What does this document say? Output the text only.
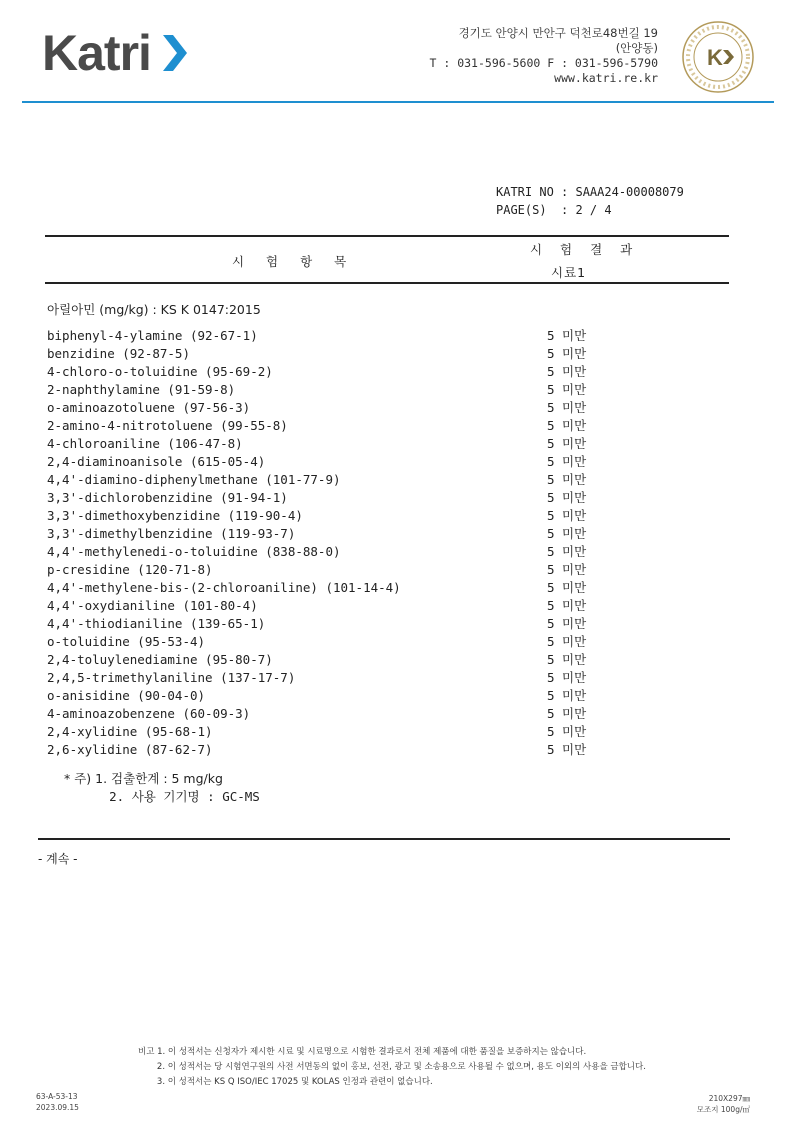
Katri	경기도 안양시 만안구 덕천로48번길 19
(안양동)
T : 031-596-5600 F : 031-596-5790
www.katri.re.kr
K
KATRI NO : SAAA24-00008079
PAGE(S) : 2 / 4
시 험 항 목
시 험 결 과
시료1
아릴아민 (mg/kg) : KS K 0147:2015
biphenyl-4-ylamine (92-67-1)	5 미만
benzidine (92-87-5)	5 미만
4-chloro-o-toluidine (95-69-2)	5 미만
2-naphthylamine (91-59-8)	5 미만
o-aminoazotoluene (97-56-3)	5 미만
2-amino-4-nitrotoluene (99-55-8)	5 미만
4-chloroaniline (106-47-8)	5 미만
2,4-diaminoanisole (615-05-4)	5 미만
4,4'-diamino-diphenylmethane (101-77-9)	5 미만
3,3'-dichlorobenzidine (91-94-1)	5 미만
3,3'-dimethoxybenzidine (119-90-4)	5 미만
3,3'-dimethylbenzidine (119-93-7)	5 미만
4,4'-methylenedi-o-toluidine (838-88-0)	5 미만
p-cresidine (120-71-8)	5 미만
4,4'-methylene-bis-(2-chloroaniline) (101-14-4)	5 미만
4,4'-oxydianiline (101-80-4)	5 미만
4,4'-thiodianiline (139-65-1)	5 미만
o-toluidine (95-53-4)	5 미만
2,4-toluylenediamine (95-80-7)	5 미만
2,4,5-trimethylaniline (137-17-7)	5 미만
o-anisidine (90-04-0)	5 미만
4-aminoazobenzene (60-09-3)	5 미만
2,4-xylidine (95-68-1)	5 미만
2,6-xylidine (87-62-7)	5 미만
* 주) 1. 검출한계 : 5 mg/kg
2. 사용 기기명 : GC-MS
- 계속 -
비고 1. 이 성적서는 신청자가 제시한 시료 및 시료명으로 시험한 결과로서 전체 제품에 대한 품질을 보증하지는 않습니다.
2. 이 성적서는 당 시험연구원의 사전 서면동의 없이 홍보, 선전, 광고 및 소송용으로 사용될 수 없으며, 용도 이외의 사용을 금합니다.
3. 이 성적서는 KS Q ISO/IEC 17025 및 KOLAS 인정과 관련이 없습니다.
63-A-53-13
2023.09.15
210X297㎜
모조지 100g/㎡
